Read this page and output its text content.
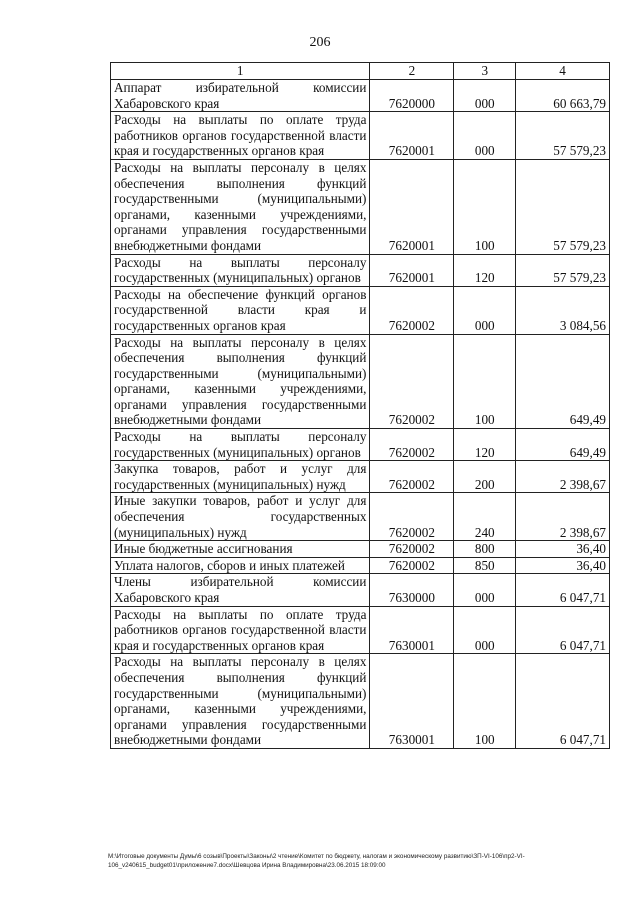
206
1	2	3	4
Аппарат избирательной комиссии Хабаровского края	7620000	000	60 663,79
Расходы на выплаты по оплате труда работников органов государственной власти края и государственных органов края	7620001	000	57 579,23
Расходы на выплаты персоналу в целях обеспечения выполнения функций государственными (муниципальными) органами, казенными учреждениями, органами управления государственными внебюджетными фондами	7620001	100	57 579,23
Расходы на выплаты персоналу государственных (муниципальных) органов	7620001	120	57 579,23
Расходы на обеспечение функций органов государственной власти края и государственных органов края	7620002	000	3 084,56
Расходы на выплаты персоналу в целях обеспечения выполнения функций государственными (муниципальными) органами, казенными учреждениями, органами управления государственными внебюджетными фондами	7620002	100	649,49
Расходы на выплаты персоналу государственных (муниципальных) органов	7620002	120	649,49
Закупка товаров, работ и услуг для государственных (муниципальных) нужд	7620002	200	2 398,67
Иные закупки товаров, работ и услуг для обеспечения государственных (муниципальных) нужд	7620002	240	2 398,67
Иные бюджетные ассигнования	7620002	800	36,40
Уплата налогов, сборов и иных платежей	7620002	850	36,40
Члены избирательной комиссии Хабаровского края	7630000	000	6 047,71
Расходы на выплаты по оплате труда работников органов государственной власти края и государственных органов края	7630001	000	6 047,71
Расходы на выплаты персоналу в целях обеспечения выполнения функций государственными (муниципальными) органами, казенными учреждениями, органами управления государственными внебюджетными фондами	7630001	100	6 047,71
М:\Итоговые документы Думы\6 созыв\Проекты\Законы\2 чтение\Комитет по бюджету, налогам и экономическому развитию\ЗП-VI-106\пр2-VI-106_v240615_budget01\приложение7.docx\Шевцова Ирина Владимировна\23.06.2015 18:09:00
